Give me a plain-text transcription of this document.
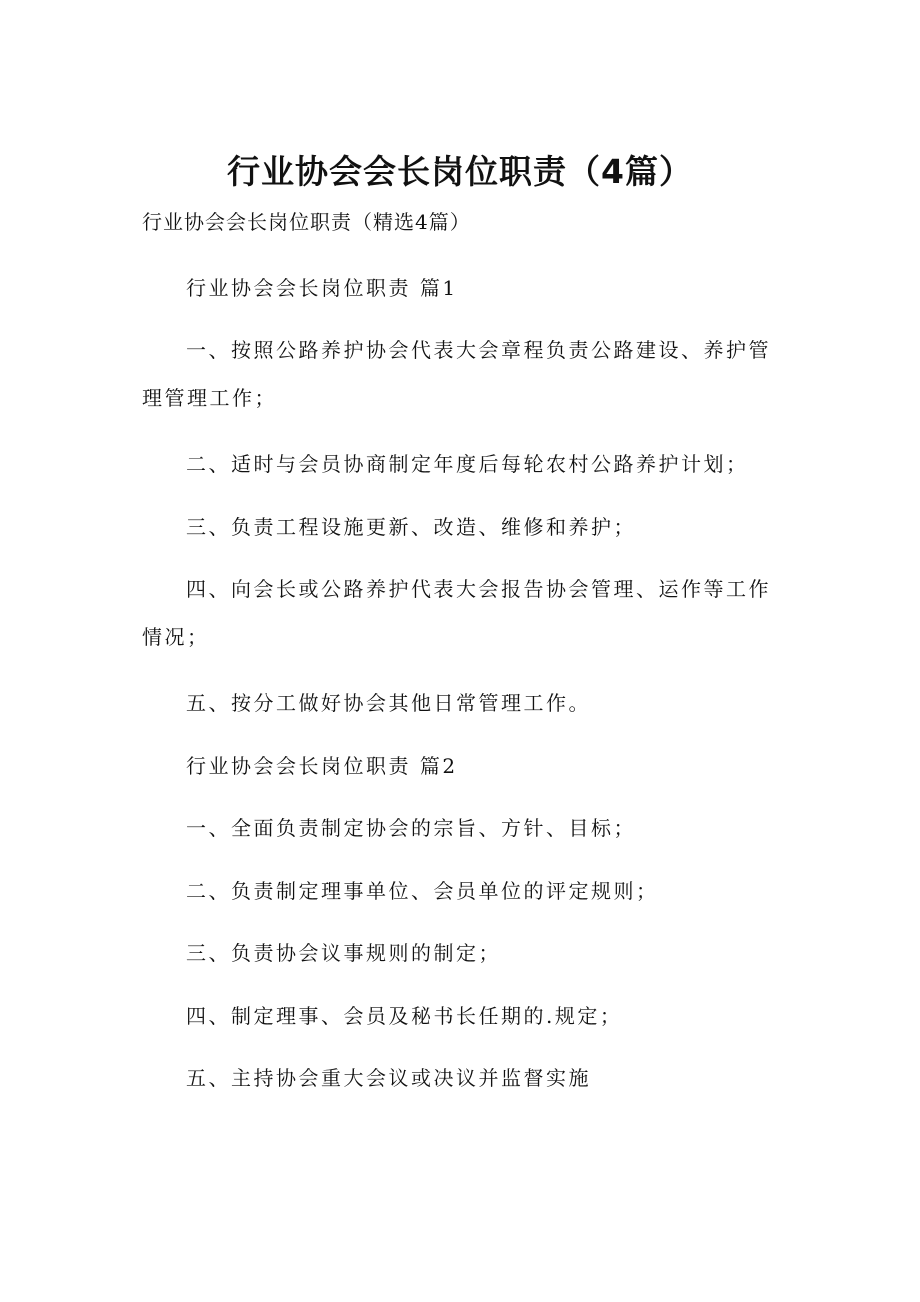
行业协会会长岗位职责（4篇）
行业协会会长岗位职责（精选4篇）

行业协会会长岗位职责 篇1

一、按照公路养护协会代表大会章程负责公路建设、养护管理管理工作；

二、适时与会员协商制定年度后每轮农村公路养护计划；

三、负责工程设施更新、改造、维修和养护；

四、向会长或公路养护代表大会报告协会管理、运作等工作情况；

五、按分工做好协会其他日常管理工作。

行业协会会长岗位职责 篇2

一、全面负责制定协会的宗旨、方针、目标；

二、负责制定理事单位、会员单位的评定规则；

三、负责协会议事规则的制定；

四、制定理事、会员及秘书长任期的.规定；

五、主持协会重大会议或决议并监督实施
